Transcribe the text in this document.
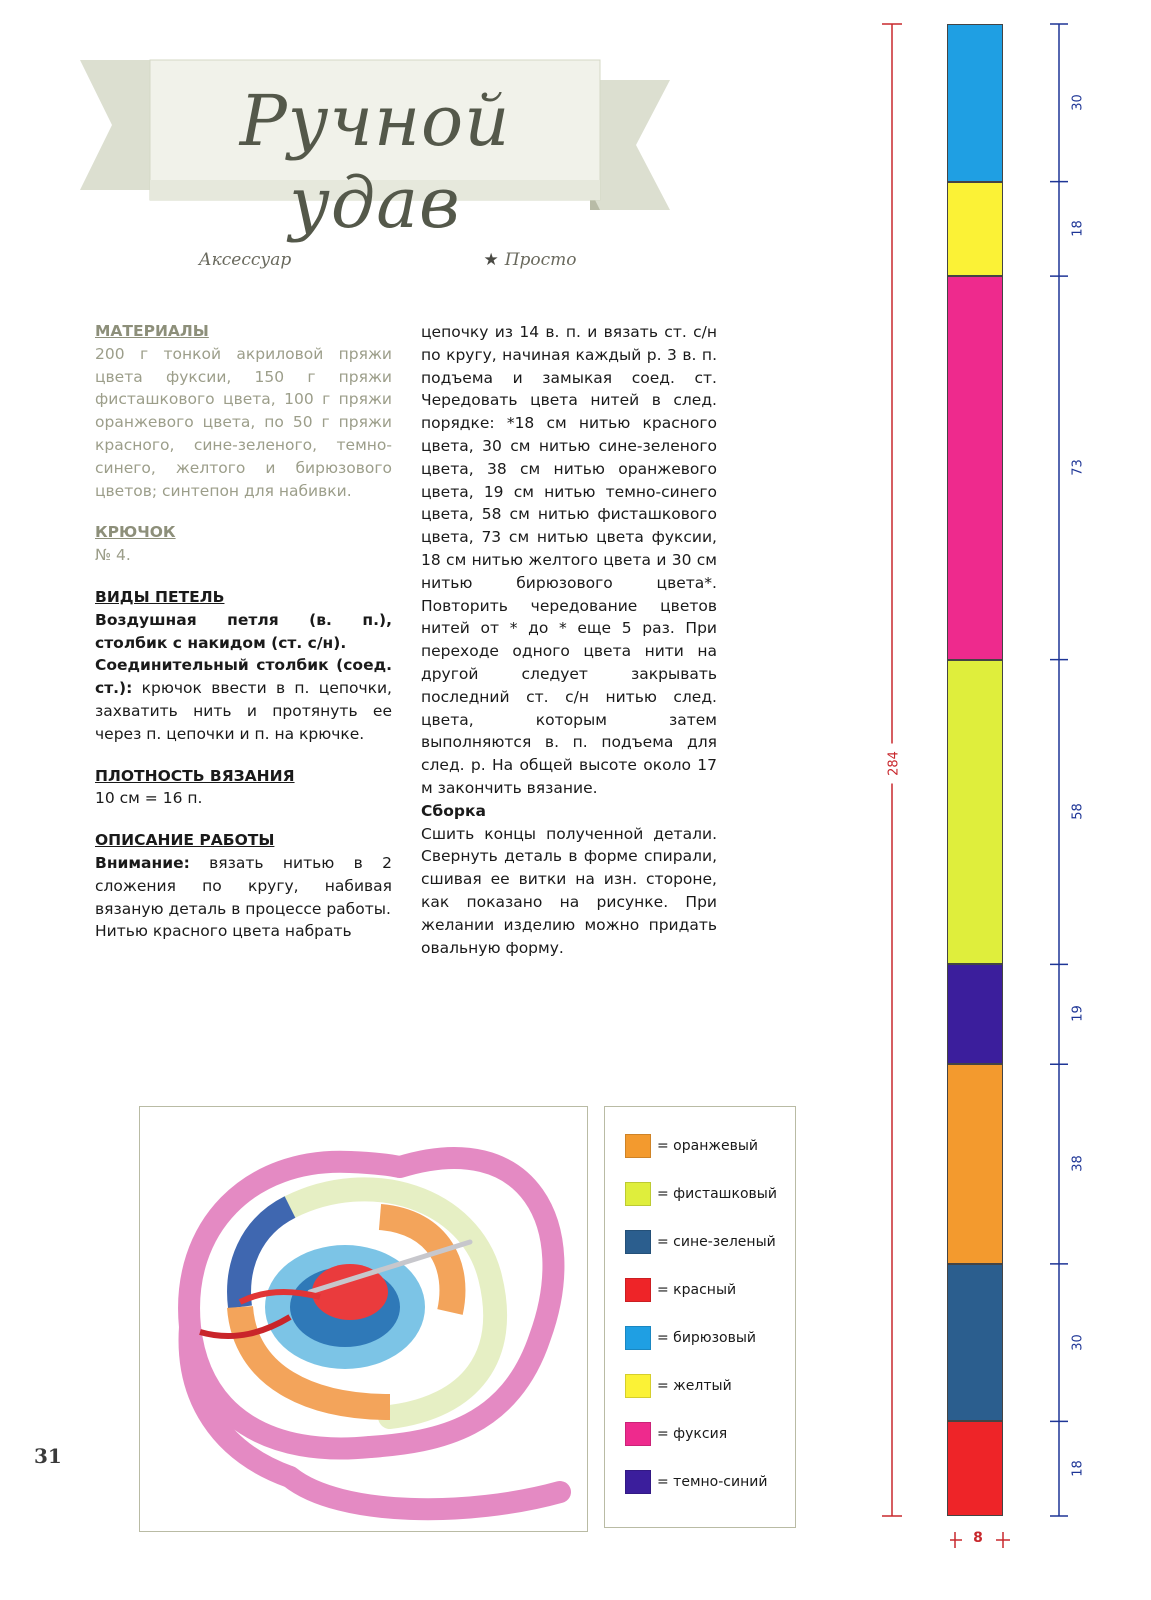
Ручной удав
Аксессуар	★ Просто

МАТЕРИАЛЫ

200 г тонкой акриловой пряжи цвета фуксии, 150 г пряжи фисташкового цвета, 100 г пряжи оранжевого цвета, по 50 г пряжи красного, сине-зеленого, темно-синего, желтого и бирюзового цветов; синтепон для набивки.

КРЮЧОК

№ 4.

ВИДЫ ПЕТЕЛЬ

Воздушная петля (в. п.), столбик с накидом (ст. с/н).

Соединительный столбик (соед. ст.): крючок ввести в п. цепочки, захватить нить и протянуть ее через п. цепочки и п. на крючке.

ПЛОТНОСТЬ ВЯЗАНИЯ

10 см = 16 п.

ОПИСАНИЕ РАБОТЫ

Внимание: вязать нитью в 2 сложения по кругу, набивая вязаную деталь в процессе работы.

Нитью красного цвета набрать

цепочку из 14 в. п. и вязать ст. с/н по кругу, начиная каждый р. 3 в. п. подъема и замыкая соед. ст. Чередовать цвета нитей в след. порядке: *18 см нитью красного цвета, 30 см нитью сине-зеленого цвета, 38 см нитью оранжевого цвета, 19 см нитью темно-синего цвета, 58 см нитью фисташкового цвета, 73 см нитью цвета фуксии, 18 см нитью желтого цвета и 30 см нитью бирюзового цвета*. Повторить чередование цветов нитей от * до * еще 5 раз. При переходе одного цвета нити на другой следует закрывать последний ст. с/н нитью след. цвета, которым затем выполняются в. п. подъема для след. р. На общей высоте около 17 м закончить вязание.

Сборка

Сшить концы полученной детали. Свернуть деталь в форме спирали, сшивая ее витки на изн. стороне, как показано на рисунке. При желании изделию можно придать овальную форму.

= оранжевый
= фисташковый
= сине-зеленый
= красный
= бирюзовый
= желтый
= фуксия
= темно-синий
31
284
8
30
18
73
58
19
38
30
18
